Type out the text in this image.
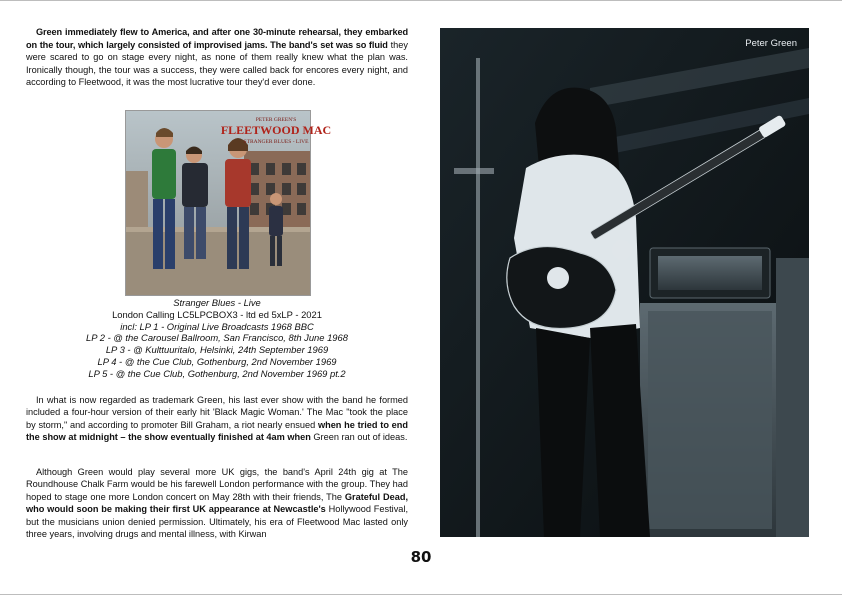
Green immediately flew to America, and after one 30-minute rehearsal, they embarked on the tour, which largely consisted of improvised jams. The band's set was so fluid they were scared to go on stage every night, as none of them really knew what the plan was. Ironically though, the tour was a success, they were called back for encores every night, and according to Fleetwood, it was the most lucrative tour they'd ever done.

PETER GREEN'S
FLEETWOOD MAC
STRANGER BLUES - LIVE
Stranger Blues - Live
London Calling LC5LPCBOX3 - ltd ed 5xLP - 2021
incl: LP 1 - Original Live Broadcasts 1968 BBC
LP 2 - @ the Carousel Ballroom, San Francisco, 8th June 1968
LP 3 - @ Kulttuuritalo, Helsinki, 24th September 1969
LP 4 - @ the Cue Club, Gothenburg, 2nd November 1969
LP 5 - @ the Cue Club, Gothenburg, 2nd November 1969 pt.2

In what is now regarded as trademark Green, his last ever show with the band he formed included a four-hour version of their early hit 'Black Magic Woman.' The Mac "took the place by storm," and according to promoter Bill Graham, a riot nearly ensued when he tried to end the show at midnight – the show eventually finished at 4am when Green ran out of ideas.

Although Green would play several more UK gigs, the band's April 24th gig at The Roundhouse Chalk Farm would be his farewell London performance with the group. They had hoped to stage one more London concert on May 28th with their friends, The Grateful Dead, who would soon be making their first UK appearance at Newcastle's Hollywood Festival, but the musicians union denied permission. Ultimately, his era of Fleetwood Mac lasted only three years, involving drugs and mental illness, with Kirwan

Peter Green
80
